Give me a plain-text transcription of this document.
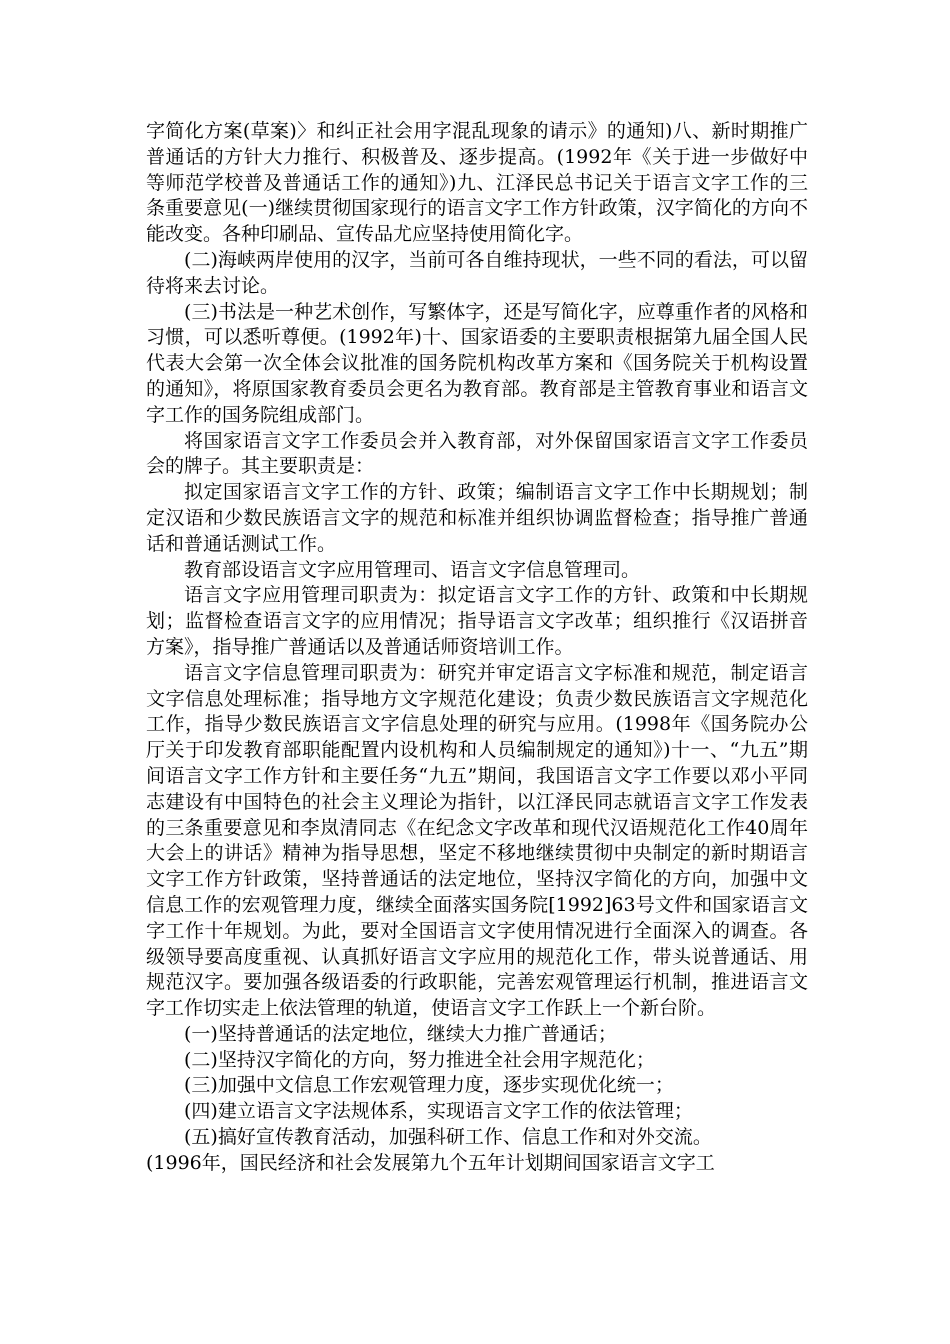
字简化方案(草案)〉和纠正社会用字混乱现象的请示》的通知)八、新时期推广普通话的方针大力推行、积极普及、逐步提高。(1992年《关于进一步做好中等师范学校普及普通话工作的通知》)九、江泽民总书记关于语言文字工作的三条重要意见(一)继续贯彻国家现行的语言文字工作方针政策，汉字简化的方向不能改变。各种印刷品、宣传品尤应坚持使用简化字。

(二)海峡两岸使用的汉字，当前可各自维持现状，一些不同的看法，可以留待将来去讨论。

(三)书法是一种艺术创作，写繁体字，还是写简化字，应尊重作者的风格和习惯，可以悉听尊便。(1992年)十、国家语委的主要职责根据第九届全国人民代表大会第一次全体会议批准的国务院机构改革方案和《国务院关于机构设置的通知》，将原国家教育委员会更名为教育部。教育部是主管教育事业和语言文字工作的国务院组成部门。

将国家语言文字工作委员会并入教育部，对外保留国家语言文字工作委员会的牌子。其主要职责是：

拟定国家语言文字工作的方针、政策；编制语言文字工作中长期规划；制定汉语和少数民族语言文字的规范和标准并组织协调监督检查；指导推广普通话和普通话测试工作。

教育部设语言文字应用管理司、语言文字信息管理司。

语言文字应用管理司职责为：拟定语言文字工作的方针、政策和中长期规划；监督检查语言文字的应用情况；指导语言文字改革；组织推行《汉语拼音方案》，指导推广普通话以及普通话师资培训工作。

语言文字信息管理司职责为：研究并审定语言文字标准和规范，制定语言文字信息处理标准；指导地方文字规范化建设；负责少数民族语言文字规范化工作，指导少数民族语言文字信息处理的研究与应用。(1998年《国务院办公厅关于印发教育部职能配置内设机构和人员编制规定的通知》)十一、“九五”期间语言文字工作方针和主要任务“九五”期间，我国语言文字工作要以邓小平同志建设有中国特色的社会主义理论为指针，以江泽民同志就语言文字工作发表的三条重要意见和李岚清同志《在纪念文字改革和现代汉语规范化工作40周年大会上的讲话》精神为指导思想，坚定不移地继续贯彻中央制定的新时期语言文字工作方针政策，坚持普通话的法定地位，坚持汉字简化的方向，加强中文信息工作的宏观管理力度，继续全面落实国务院[1992]63号文件和国家语言文字工作十年规划。为此，要对全国语言文字使用情况进行全面深入的调查。各级领导要高度重视、认真抓好语言文字应用的规范化工作，带头说普通话、用规范汉字。要加强各级语委的行政职能，完善宏观管理运行机制，推进语言文字工作切实走上依法管理的轨道，使语言文字工作跃上一个新台阶。

(一)坚持普通话的法定地位，继续大力推广普通话；

(二)坚持汉字简化的方向，努力推进全社会用字规范化；

(三)加强中文信息工作宏观管理力度，逐步实现优化统一；

(四)建立语言文字法规体系，实现语言文字工作的依法管理；

(五)搞好宣传教育活动，加强科研工作、信息工作和对外交流。

(1996年，国民经济和社会发展第九个五年计划期间国家语言文字工
